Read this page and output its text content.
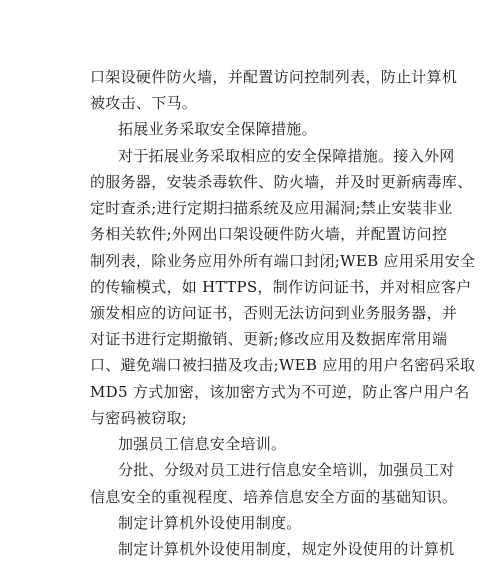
口架设硬件防火墙，并配置访问控制列表，防止计算机
被攻击、下马。
拓展业务采取安全保障措施。
对于拓展业务采取相应的安全保障措施。接入外网
的服务器，安装杀毒软件、防火墙，并及时更新病毒库、
定时查杀;进行定期扫描系统及应用漏洞;禁止安装非业
务相关软件;外网出口架设硬件防火墙，并配置访问控
制列表，除业务应用外所有端口封闭;WEB 应用采用安全
的传输模式，如 HTTPS，制作访问证书，并对相应客户
颁发相应的访问证书，否则无法访问到业务服务器，并
对证书进行定期撤销、更新;修改应用及数据库常用端
口、避免端口被扫描及攻击;WEB 应用的用户名密码采取
MD5 方式加密，该加密方式为不可逆，防止客户用户名
与密码被窃取;
加强员工信息安全培训。
分批、分级对员工进行信息安全培训，加强员工对
信息安全的重视程度、培养信息安全方面的基础知识。
制定计算机外设使用制度。
制定计算机外设使用制度，规定外设使用的计算机
